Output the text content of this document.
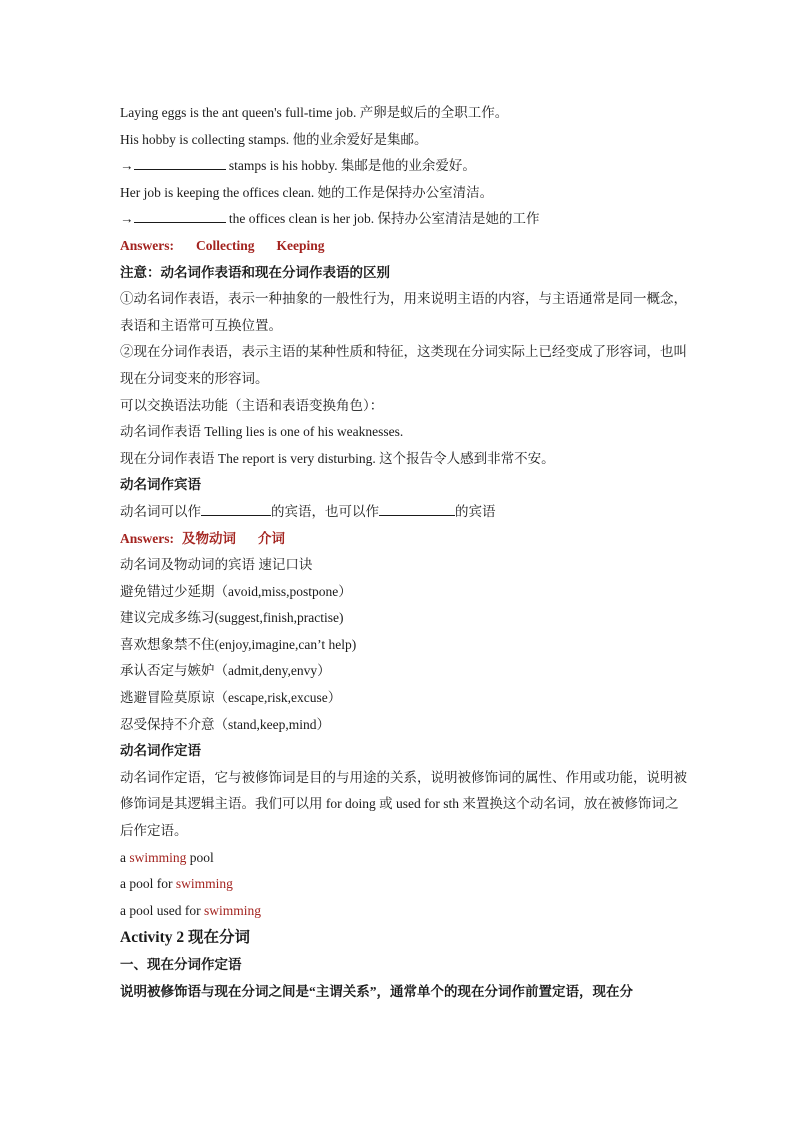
Laying eggs is the ant queen's full-time job. 产卵是蚁后的全职工作。
His hobby is collecting stamps. 他的业余爱好是集邮。
→	stamps is his hobby. 集邮是他的业余爱好。
Her job is keeping the offices clean. 她的工作是保持办公室清洁。
→	the offices clean is her job. 保持办公室清洁是她的工作
Answers: Collecting Keeping
注意：动名词作表语和现在分词作表语的区别
①动名词作表语，表示一种抽象的一般性行为，用来说明主语的内容，与主语通常是同一概念，表语和主语常可互换位置。
②现在分词作表语，表示主语的某种性质和特征，这类现在分词实际上已经变成了形容词，也叫现在分词变来的形容词。
可以交换语法功能（主语和表语变换角色）：
动名词作表语 Telling lies is one of his weaknesses.
现在分词作表语 The report is very disturbing. 这个报告令人感到非常不安。
动名词作宾语
动名词可以作	的宾语，也可以作	的宾语
Answers: 及物动词 介词
动名词及物动词的宾语 速记口诀
避免错过少延期（avoid,miss,postpone）
建议完成多练习(suggest,finish,practise)
喜欢想象禁不住(enjoy,imagine,can’t help)
承认否定与嫉妒（admit,deny,envy）
逃避冒险莫原谅（escape,risk,excuse）
忍受保持不介意（stand,keep,mind）
动名词作定语
动名词作定语，它与被修饰词是目的与用途的关系，说明被修饰词的属性、作用或功能，说明被修饰词是其逻辑主语。我们可以用 for doing 或 used for sth 来置换这个动名词，放在被修饰词之后作定语。
a swimming pool
a pool for swimming
a pool used for swimming
Activity 2 现在分词
一、现在分词作定语
说明被修饰语与现在分词之间是“主谓关系”，通常单个的现在分词作前置定语，现在分
